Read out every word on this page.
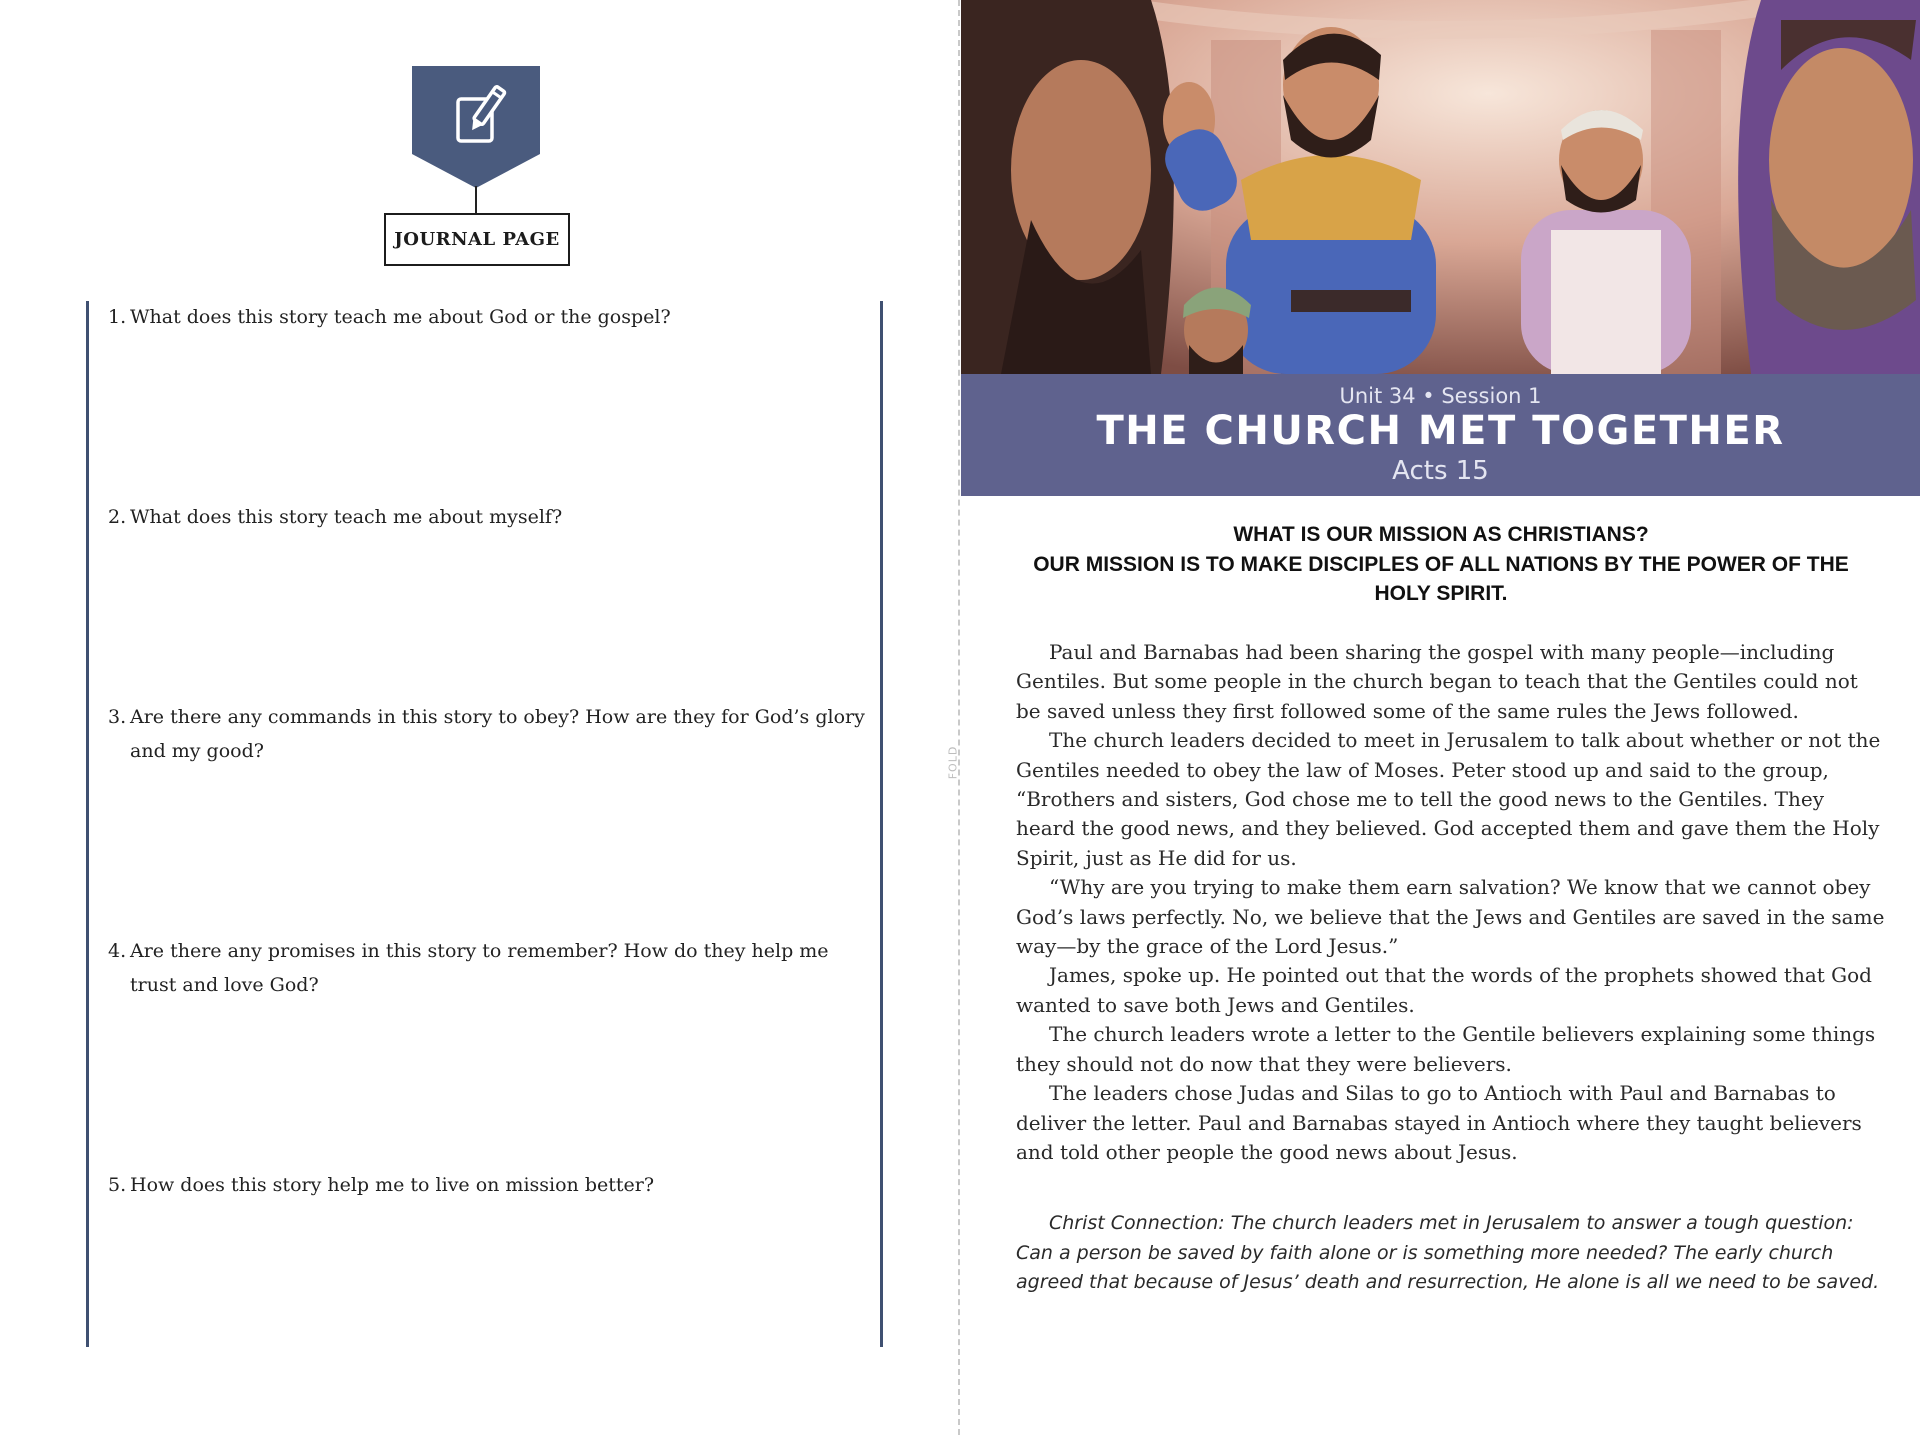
JOURNAL PAGE
1. What does this story teach me about God or the gospel?
2. What does this story teach me about myself?
3. Are there any commands in this story to obey? How are they for God’s glory and my good?
4. Are there any promises in this story to remember? How do they help me trust and love God?
5. How does this story help me to live on mission better?
FOLD
Unit 34 • Session 1
THE CHURCH MET TOGETHER
Acts 15
WHAT IS OUR MISSION AS CHRISTIANS?
OUR MISSION IS TO MAKE DISCIPLES OF ALL NATIONS BY THE POWER OF THE HOLY SPIRIT.

Paul and Barnabas had been sharing the gospel with many people—including Gentiles. But some people in the church began to teach that the Gentiles could not be saved unless they first followed some of the same rules the Jews followed.

The church leaders decided to meet in Jerusalem to talk about whether or not the Gentiles needed to obey the law of Moses. Peter stood up and said to the group, “Brothers and sisters, God chose me to tell the good news to the Gentiles. They heard the good news, and they believed. God accepted them and gave them the Holy Spirit, just as He did for us.

“Why are you trying to make them earn salvation? We know that we cannot obey God’s laws perfectly. No, we believe that the Jews and Gentiles are saved in the same way—by the grace of the Lord Jesus.”

James, spoke up. He pointed out that the words of the prophets showed that God wanted to save both Jews and Gentiles.

The church leaders wrote a letter to the Gentile believers explaining some things they should not do now that they were believers.

The leaders chose Judas and Silas to go to Antioch with Paul and Barnabas to deliver the letter. Paul and Barnabas stayed in Antioch where they taught believers and told other people the good news about Jesus.

Christ Connection: The church leaders met in Jerusalem to answer a tough question: Can a person be saved by faith alone or is something more needed? The early church agreed that because of Jesus’ death and resurrection, He alone is all we need to be saved.
